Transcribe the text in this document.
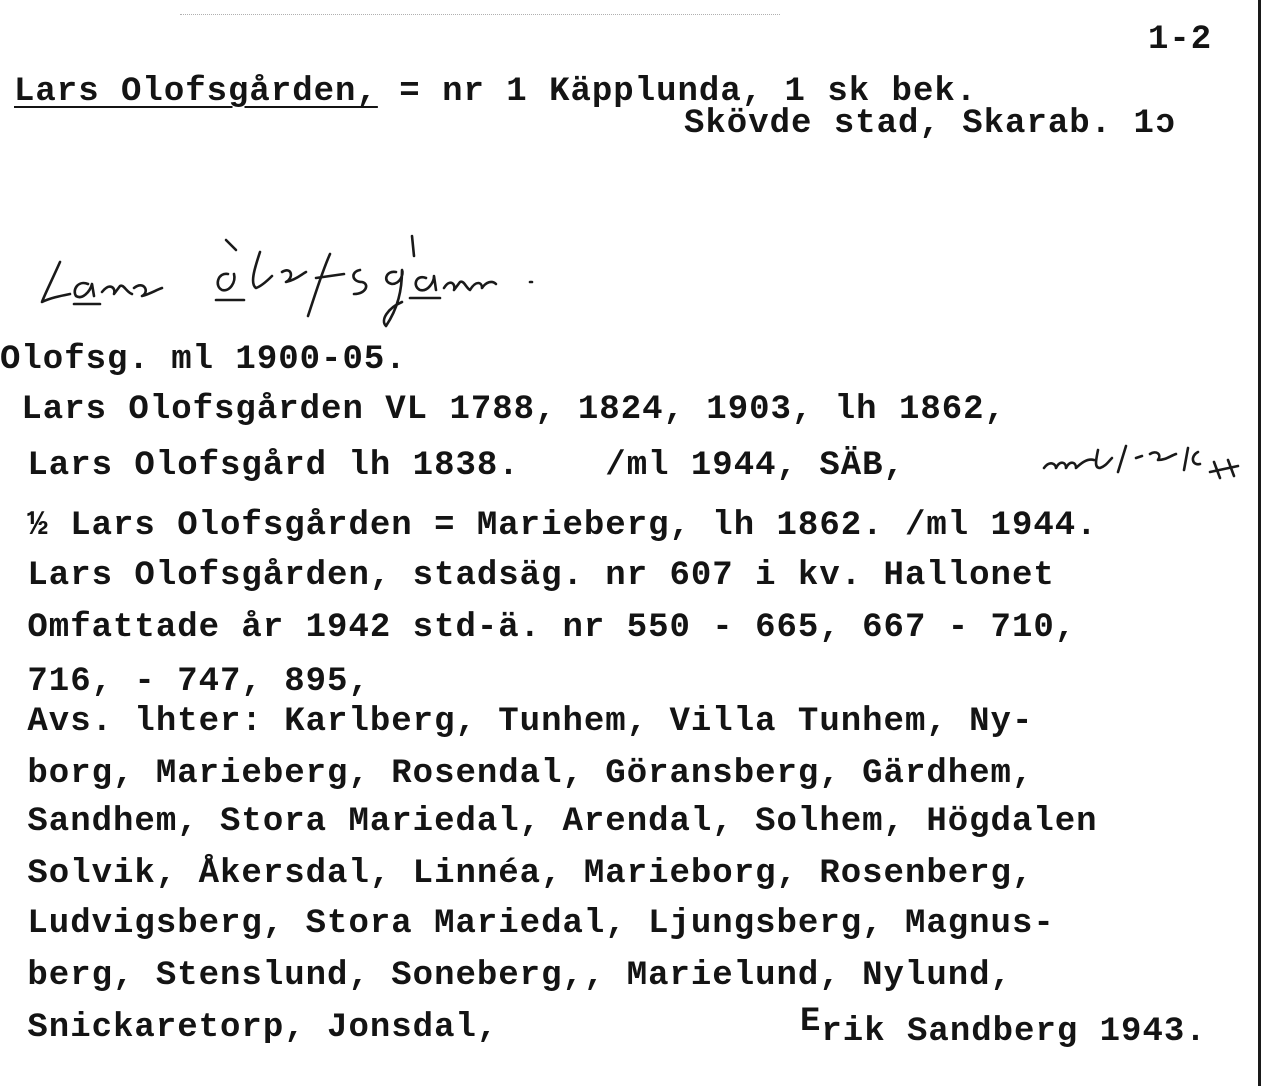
1-2
Lars Olofsgården, = nr 1 Käpplunda, 1 sk bek.
Skövde stad, Skarab. 1ɔ
Olofsg. ml 1900-05.
Lars Olofsgården VL 1788, 1824, 1903, lh 1862,
Lars Olofsgård lh 1838.    /ml 1944, SÄB,
½ Lars Olofsgården = Marieberg, lh 1862. /ml 1944.
Lars Olofsgården, stadsäg. nr 607 i kv. Hallonet
Omfattade år 1942 std-ä. nr 550 - 665, 667 - 710,
716, - 747, 895,
Avs. lhter: Karlberg, Tunhem, Villa Tunhem, Ny-
borg, Marieberg, Rosendal, Göransberg, Gärdhem,
Sandhem, Stora Mariedal, Arendal, Solhem, Högdalen
Solvik, Åkersdal, Linnéa, Marieborg, Rosenberg,
Ludvigsberg, Stora Mariedal, Ljungsberg, Magnus-
berg, Stenslund, Soneberg,, Marielund, Nylund,
Snickaretorp, Jonsdal,	Erik Sandberg 1943.
